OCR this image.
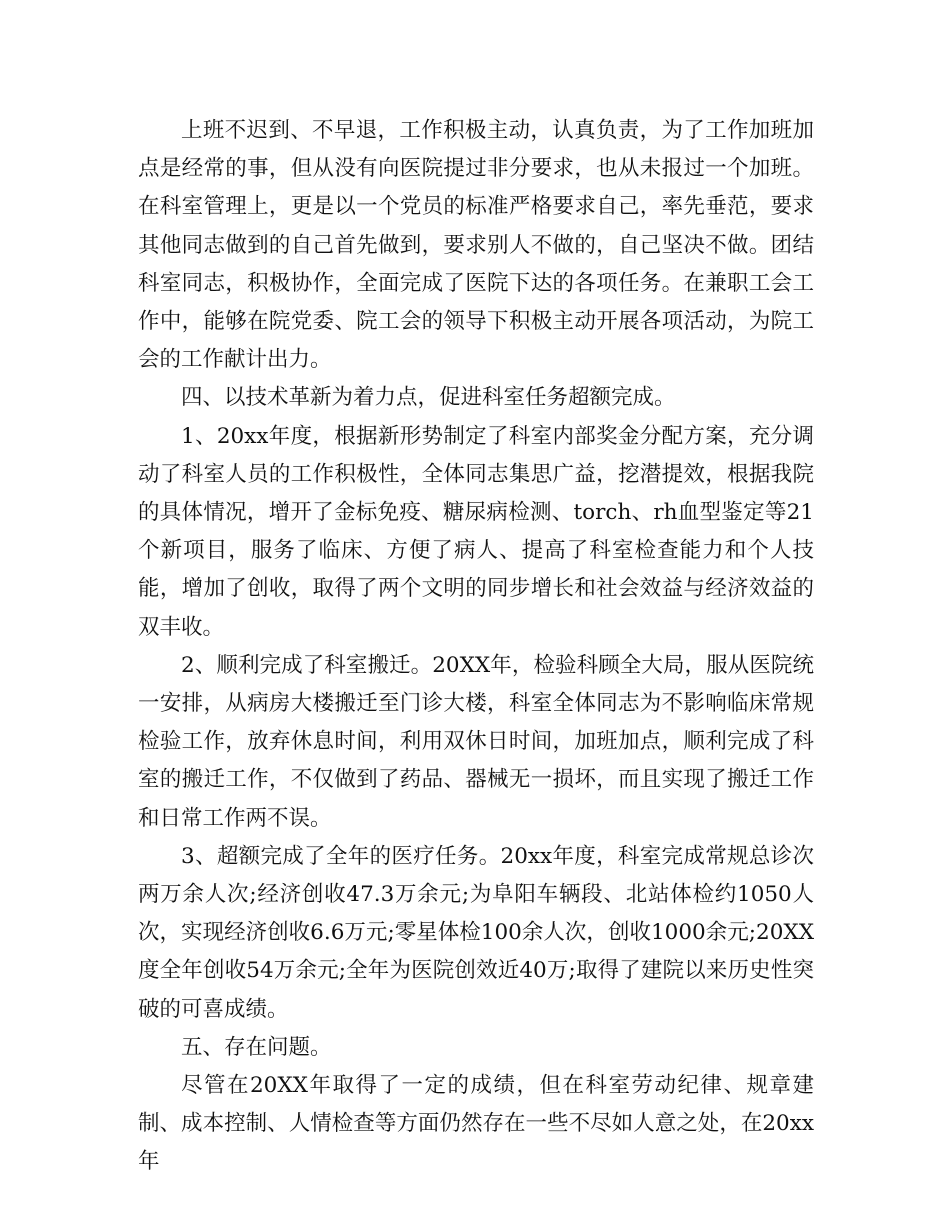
上班不迟到、不早退，工作积极主动，认真负责，为了工作加班加点是经常的事，但从没有向医院提过非分要求，也从未报过一个加班。在科室管理上，更是以一个党员的标准严格要求自己，率先垂范，要求其他同志做到的自己首先做到，要求别人不做的，自己坚决不做。团结科室同志，积极协作，全面完成了医院下达的各项任务。在兼职工会工作中，能够在院党委、院工会的领导下积极主动开展各项活动，为院工会的工作献计出力。

四、以技术革新为着力点，促进科室任务超额完成。

1、20xx年度，根据新形势制定了科室内部奖金分配方案，充分调动了科室人员的工作积极性，全体同志集思广益，挖潜提效，根据我院的具体情况，增开了金标免疫、糖尿病检测、torch、rh血型鉴定等21个新项目，服务了临床、方便了病人、提高了科室检查能力和个人技能，增加了创收，取得了两个文明的同步增长和社会效益与经济效益的双丰收。

2、顺利完成了科室搬迁。20XX年，检验科顾全大局，服从医院统一安排，从病房大楼搬迁至门诊大楼，科室全体同志为不影响临床常规检验工作，放弃休息时间，利用双休日时间，加班加点，顺利完成了科室的搬迁工作，不仅做到了药品、器械无一损坏，而且实现了搬迁工作和日常工作两不误。

3、超额完成了全年的医疗任务。20xx年度，科室完成常规总诊次两万余人次;经济创收47.3万余元;为阜阳车辆段、北站体检约1050人次，实现经济创收6.6万元;零星体检100余人次，创收1000余元;20XX度全年创收54万余元;全年为医院创效近40万;取得了建院以来历史性突破的可喜成绩。

五、存在问题。

尽管在20XX年取得了一定的成绩，但在科室劳动纪律、规章建制、成本控制、人情检查等方面仍然存在一些不尽如人意之处，在20xx年
